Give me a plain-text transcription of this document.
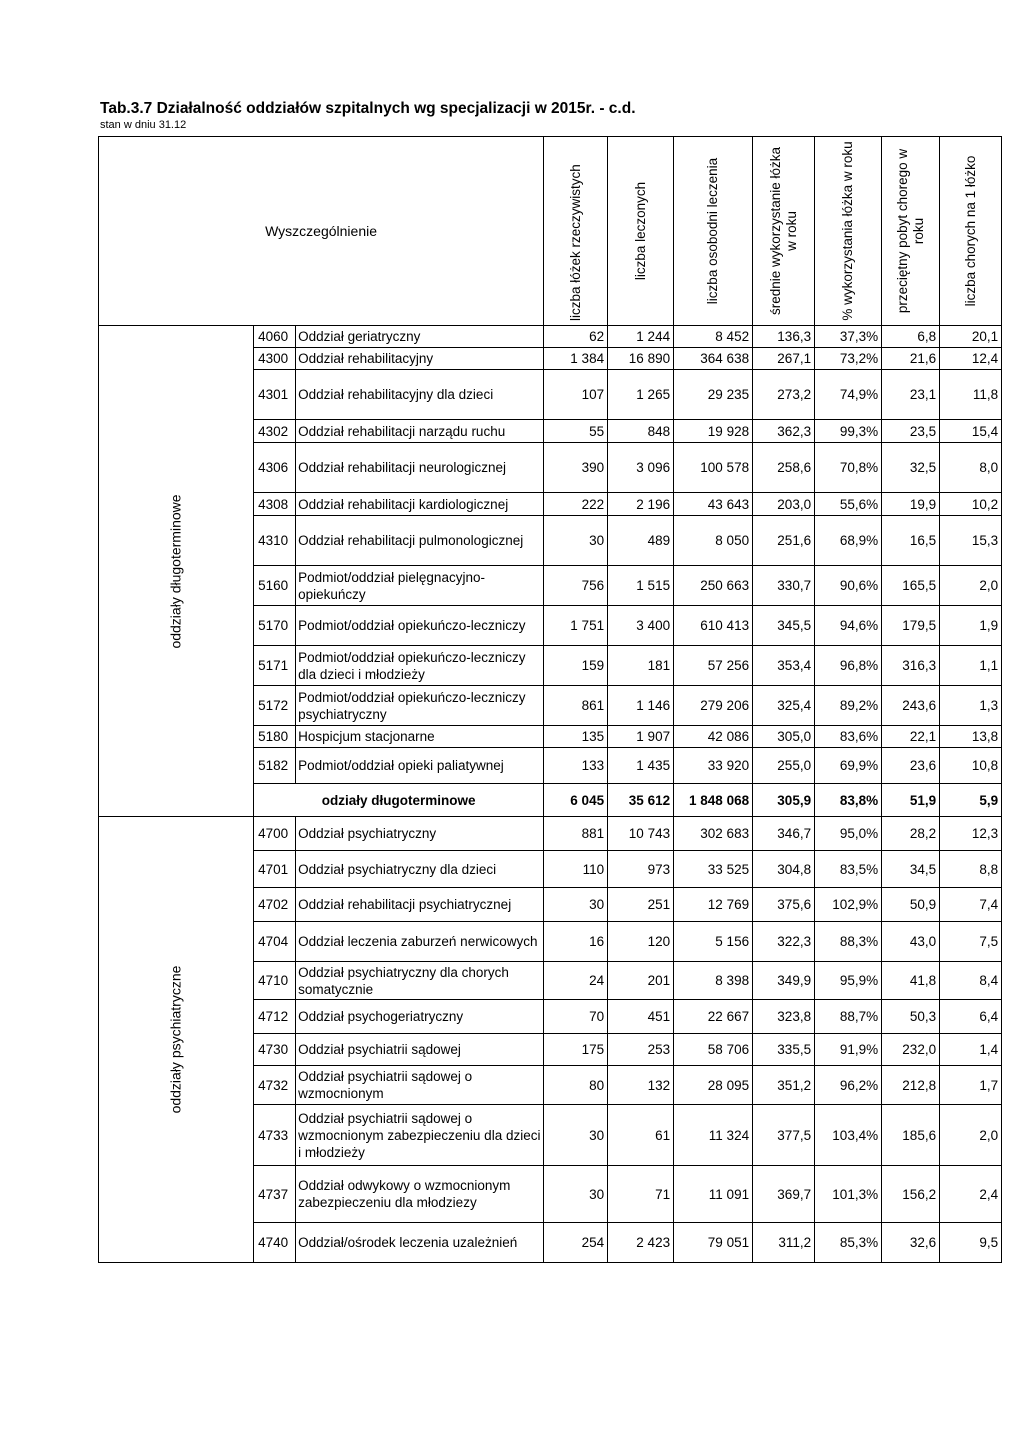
Tab.3.7 Działalność oddziałów szpitalnych wg specjalizacji w 2015r. - c.d.
stan w dniu 31.12
Wyszczególnienie			liczba łóżek rzeczywistych	liczba leczonych	liczba osobodni leczenia	średnie wykorzystanie łóżka w roku	% wykorzystania łóżka w roku	przeciętny pobyt chorego w roku	liczba chorych na 1 łóżko

oddziały długoterminowe	4060	Oddział geriatryczny	62	1 244	8 452	136,3	37,3%	6,8	20,1
	4300	Oddział rehabilitacyjny	1 384	16 890	364 638	267,1	73,2%	21,6	12,4
	4301	Oddział rehabilitacyjny dla dzieci	107	1 265	29 235	273,2	74,9%	23,1	11,8
	4302	Oddział rehabilitacji narządu ruchu	55	848	19 928	362,3	99,3%	23,5	15,4
	4306	Oddział rehabilitacji neurologicznej	390	3 096	100 578	258,6	70,8%	32,5	8,0
	4308	Oddział rehabilitacji kardiologicznej	222	2 196	43 643	203,0	55,6%	19,9	10,2
	4310	Oddział rehabilitacji pulmonologicznej	30	489	8 050	251,6	68,9%	16,5	15,3
	5160	Podmiot/oddział pielęgnacyjno-opiekuńczy	756	1 515	250 663	330,7	90,6%	165,5	2,0
	5170	Podmiot/oddział opiekuńczo-leczniczy	1 751	3 400	610 413	345,5	94,6%	179,5	1,9
	5171	Podmiot/oddział opiekuńczo-leczniczy dla dzieci i młodzieży	159	181	57 256	353,4	96,8%	316,3	1,1
	5172	Podmiot/oddział opiekuńczo-leczniczy psychiatryczny	861	1 146	279 206	325,4	89,2%	243,6	1,3
	5180	Hospicjum stacjonarne	135	1 907	42 086	305,0	83,6%	22,1	13,8
	5182	Podmiot/oddział opieki paliatywnej	133	1 435	33 920	255,0	69,9%	23,6	10,8
	odziały długoterminowe		6 045	35 612	1 848 068	305,9	83,8%	51,9	5,9
oddziały psychiatryczne	4700	Oddział psychiatryczny	881	10 743	302 683	346,7	95,0%	28,2	12,3
	4701	Oddział psychiatryczny dla dzieci	110	973	33 525	304,8	83,5%	34,5	8,8
	4702	Oddział rehabilitacji psychiatrycznej	30	251	12 769	375,6	102,9%	50,9	7,4
	4704	Oddział leczenia zaburzeń nerwicowych	16	120	5 156	322,3	88,3%	43,0	7,5
	4710	Oddział psychiatryczny dla chorych somatycznie	24	201	8 398	349,9	95,9%	41,8	8,4
	4712	Oddział psychogeriatryczny	70	451	22 667	323,8	88,7%	50,3	6,4
	4730	Oddział psychiatrii sądowej	175	253	58 706	335,5	91,9%	232,0	1,4
	4732	Oddział psychiatrii sądowej o wzmocnionym	80	132	28 095	351,2	96,2%	212,8	1,7
	4733	Oddział psychiatrii sądowej o wzmocnionym zabezpieczeniu dla dzieci i młodzieży	30	61	11 324	377,5	103,4%	185,6	2,0
	4737	Oddział odwykowy o wzmocnionym zabezpieczeniu dla młodziezy	30	71	11 091	369,7	101,3%	156,2	2,4
	4740	Oddział/ośrodek leczenia uzależnień	254	2 423	79 051	311,2	85,3%	32,6	9,5
